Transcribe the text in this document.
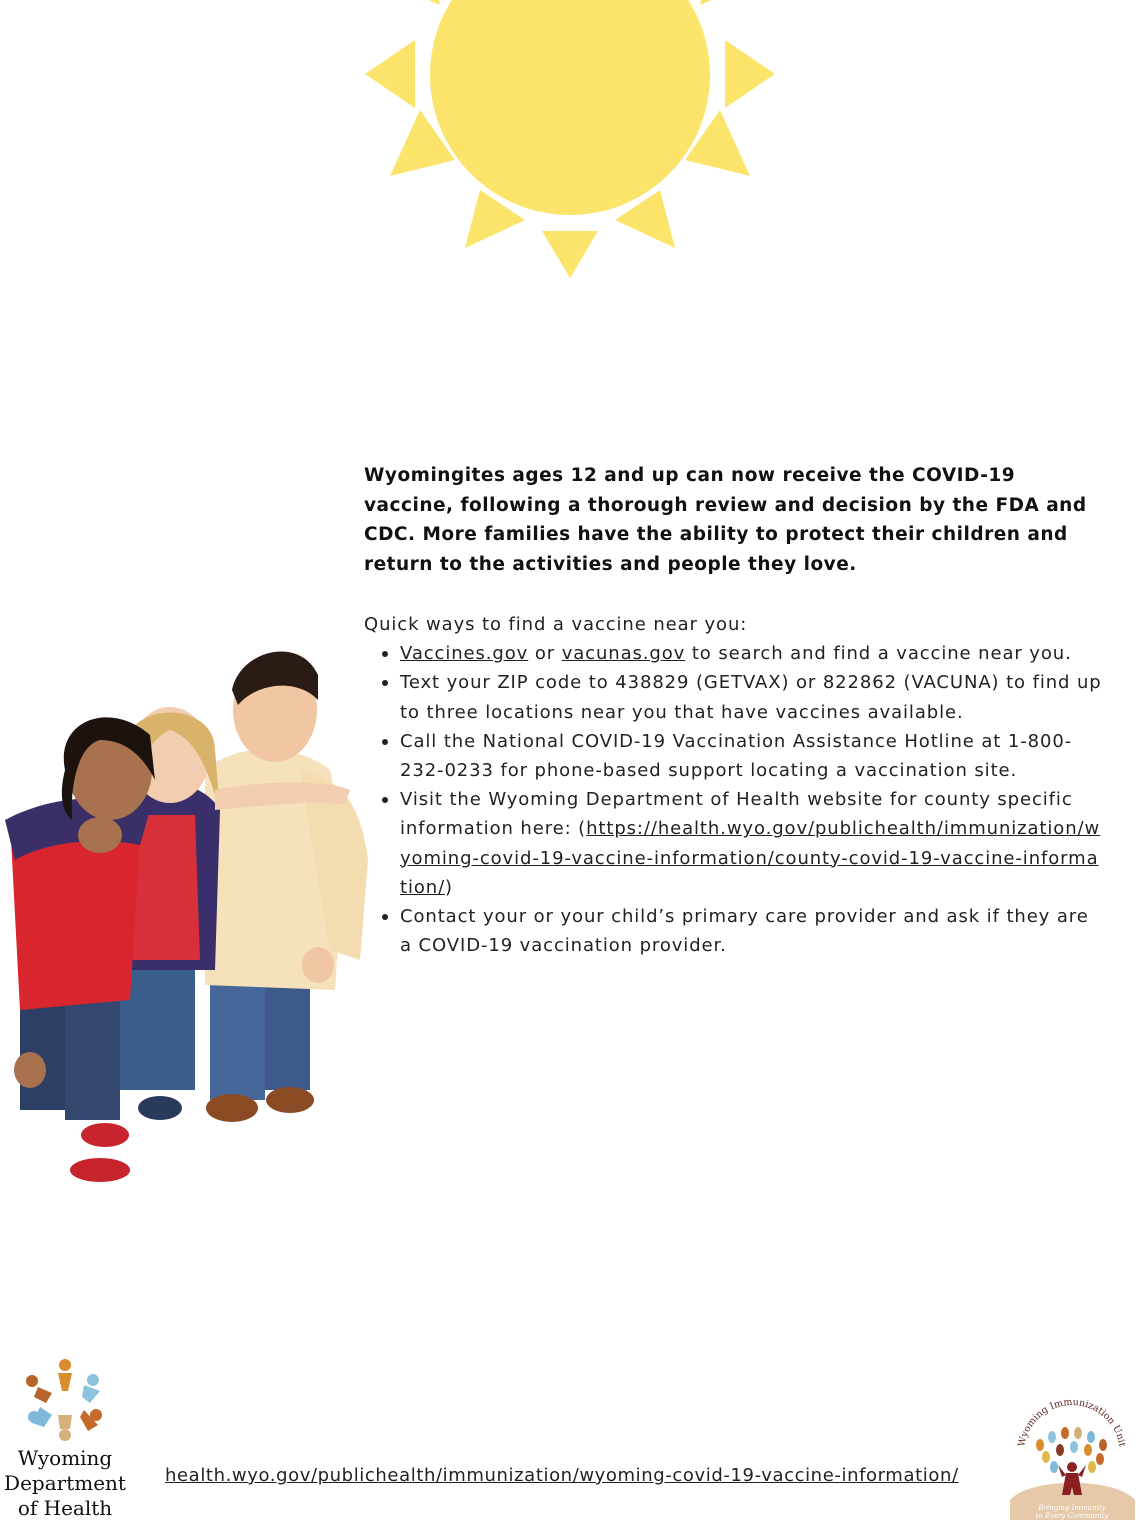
Wyomingites ages 12 and up can now receive the COVID-19 vaccine, following a thorough review and decision by the FDA and CDC. More families have the ability to protect their children and return to the activities and people they love.

Quick ways to find a vaccine near you:

Vaccines.gov or vacunas.gov to search and find a vaccine near you.
Text your ZIP code to 438829 (GETVAX) or 822862 (VACUNA) to find up to three locations near you that have vaccines available.
Call the National COVID-19 Vaccination Assistance Hotline at 1-800-232-0233 for phone-based support locating a vaccination site.
Visit the Wyoming Department of Health website for county specific information here: (https://health.wyo.gov/publichealth/immunization/wyoming-covid-19-vaccine-information/county-covid-19-vaccine-information/)
Contact your or your child’s primary care provider and ask if they are a COVID-19 vaccination provider.
Wyoming
Department
of Health
health.wyo.gov/publichealth/immunization/wyoming-covid-19-vaccine-information/
Wyoming Immunization Unit
Bringing Immunity
to Every Community
